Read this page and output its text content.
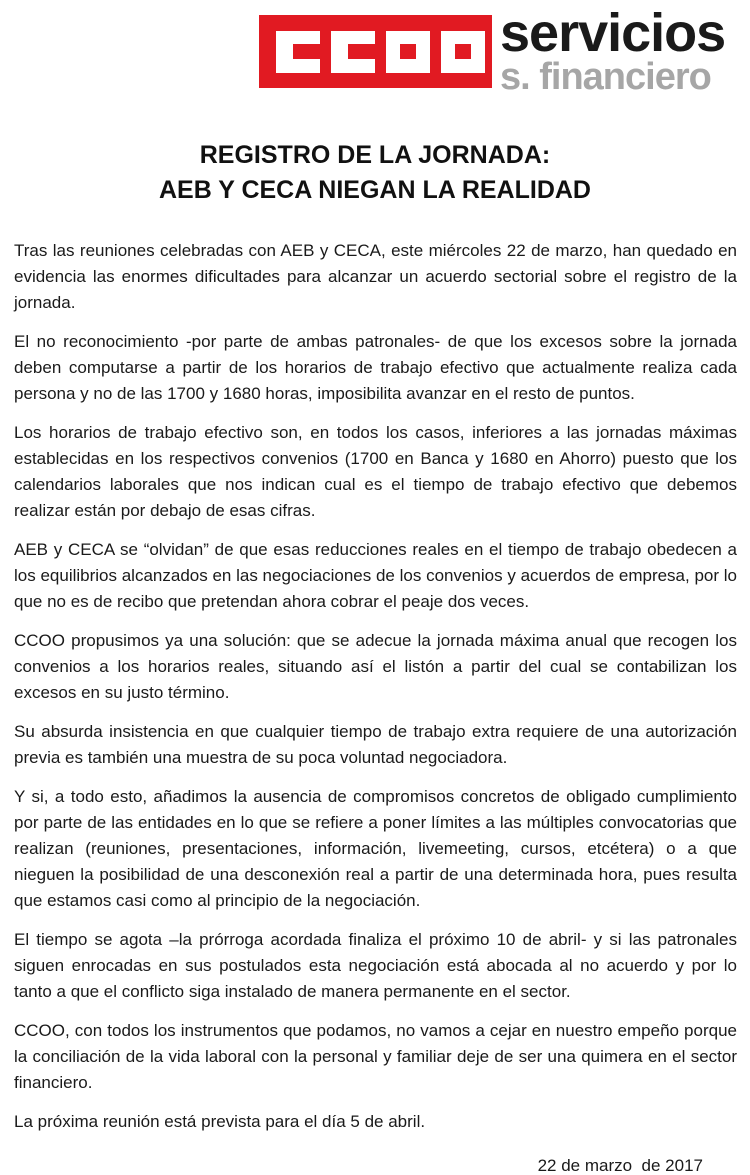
servicios
s. financiero
REGISTRO DE LA JORNADA:
AEB Y CECA NIEGAN LA REALIDAD

Tras las reuniones celebradas con AEB y CECA, este miércoles 22 de marzo, han quedado en evidencia las enormes dificultades para alcanzar un acuerdo sectorial sobre el registro de la jornada.

El no reconocimiento -por parte de ambas patronales- de que los excesos sobre la jornada deben computarse a partir de los horarios de trabajo efectivo que actualmente realiza cada persona y no de las 1700 y 1680 horas, imposibilita avanzar en el resto de puntos.

Los horarios de trabajo efectivo son, en todos los casos, inferiores a las jornadas máximas establecidas en los respectivos convenios (1700 en Banca y 1680 en Ahorro) puesto que los calendarios laborales que nos indican cual es el tiempo de trabajo efectivo que debemos realizar están por debajo de esas cifras.

AEB y CECA se “olvidan” de que esas reducciones reales en el tiempo de trabajo obedecen a los equilibrios alcanzados en las negociaciones de los convenios y acuerdos de empresa, por lo que no es de recibo que pretendan ahora cobrar el peaje dos veces.

CCOO propusimos ya una solución: que se adecue la jornada máxima anual que recogen los convenios a los horarios reales, situando así el listón a partir del cual se contabilizan los excesos en su justo término.

Su absurda insistencia en que cualquier tiempo de trabajo extra requiere de una autorización previa es también una muestra de su poca voluntad negociadora.

Y si, a todo esto, añadimos la ausencia de compromisos concretos de obligado cumplimiento por parte de las entidades en lo que se refiere a poner límites a las múltiples convocatorias que realizan (reuniones, presentaciones, información, livemeeting, cursos, etcétera) o a que nieguen la posibilidad de una desconexión real a partir de una determinada hora, pues resulta que estamos casi como al principio de la negociación.

El tiempo se agota –la prórroga acordada finaliza el próximo 10 de abril- y si las patronales siguen enrocadas en sus postulados esta negociación está abocada al no acuerdo y por lo tanto a que el conflicto siga instalado de manera permanente en el sector.

CCOO, con todos los instrumentos que podamos, no vamos a cejar en nuestro empeño porque la conciliación de la vida laboral con la personal y familiar deje de ser una quimera en el sector financiero.

La próxima reunión está prevista para el día 5 de abril.

22 de marzo  de 2017
